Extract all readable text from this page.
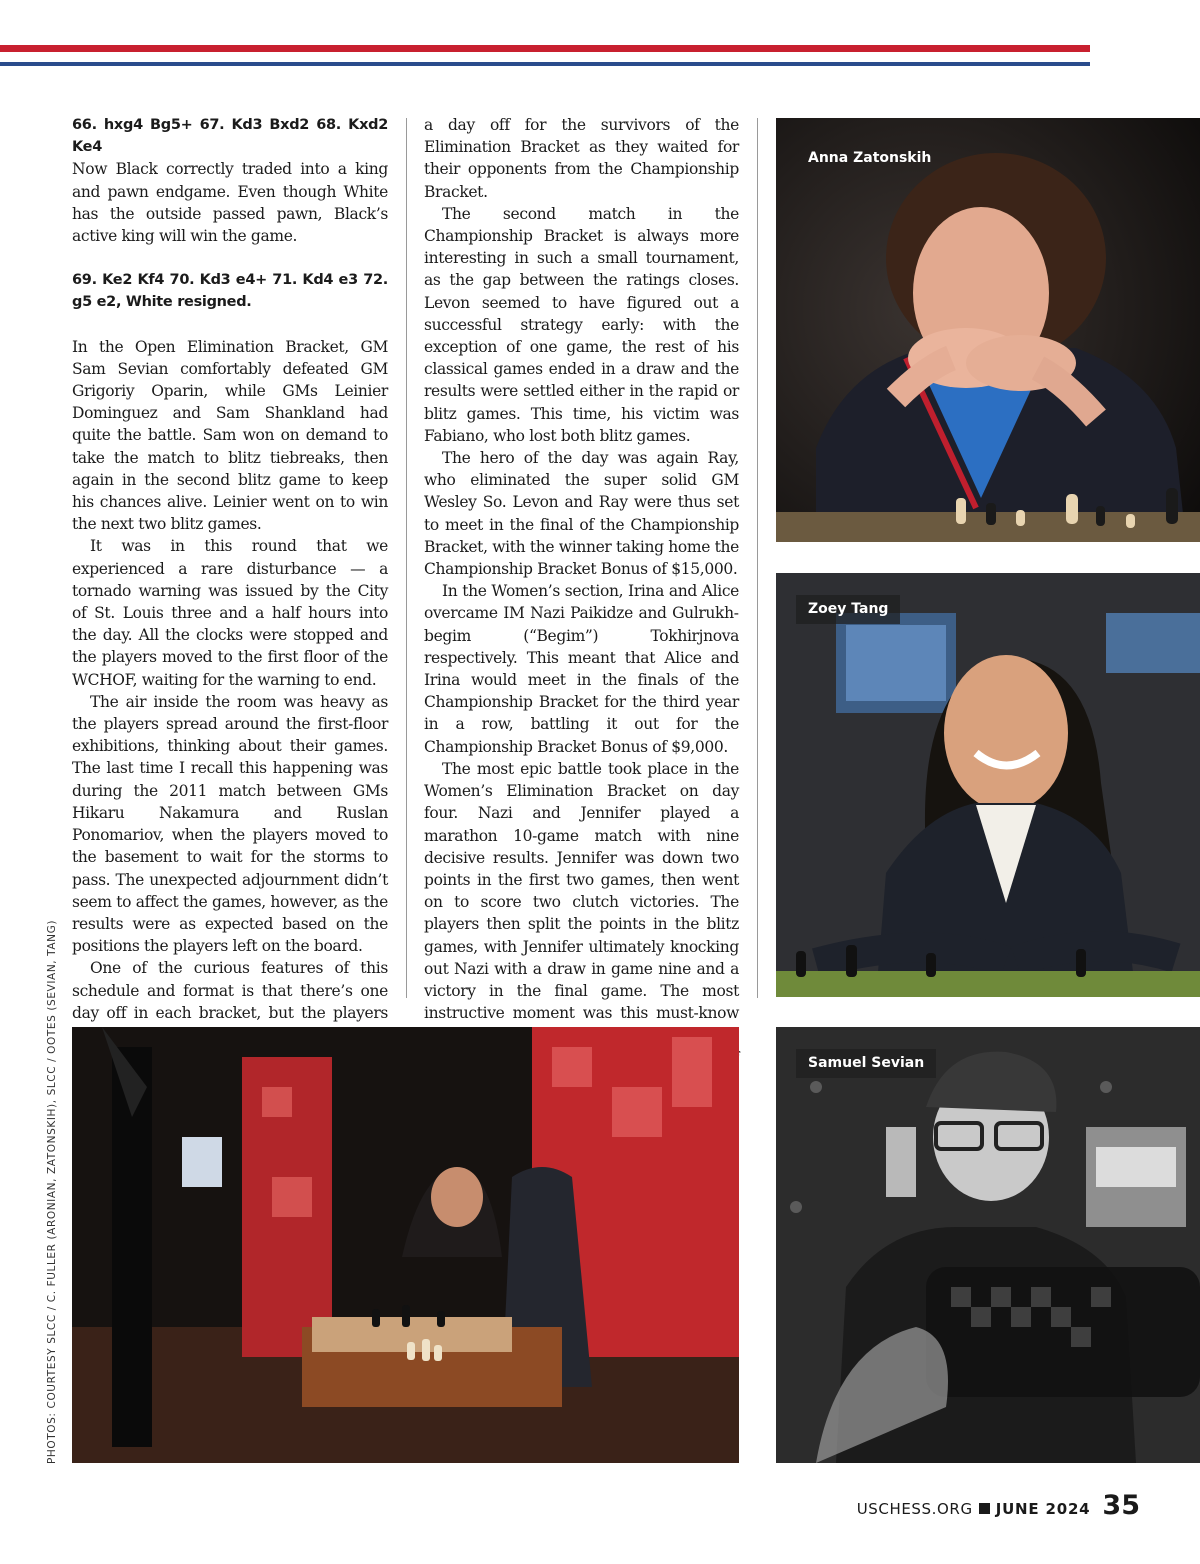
66. hxg4 Bg5+ 67. Kd3 Bxd2 68. Kxd2 Ke4

Now Black correctly traded into a king and pawn endgame. Even though White has the outside passed pawn, Black’s active king will win the game.

69. Ke2 Kf4 70. Kd3 e4+ 71. Kd4 e3 72. g5 e2, White resigned.

In the Open Elimination Bracket, GM Sam Sevian comfortably defeated GM Grigoriy Oparin, while GMs Leinier Dominguez and Sam Shankland had quite the battle. Sam won on demand to take the match to blitz tiebreaks, then again in the second blitz game to keep his chances alive. Leinier went on to win the next two blitz games.

It was in this round that we experienced a rare disturbance — a tornado warning was issued by the City of St. Louis three and a half hours into the day. All the clocks were stopped and the players moved to the first floor of the WCHOF, waiting for the warning to end.

The air inside the room was heavy as the players spread around the first-floor exhibitions, thinking about their games. The last time I recall this happening was during the 2011 match between GMs Hikaru Nakamura and Ruslan Ponomariov, when the players moved to the basement to wait for the storms to pass. The unexpected adjournment didn’t seem to affect the games, however, as the results were as expected based on the positions the players left on the board.

One of the curious features of this schedule and format is that there’s one day off in each bracket, but the players

a day off for the survivors of the Elimination Bracket as they waited for their opponents from the Championship Bracket.

The second match in the Championship Bracket is always more interesting in such a small tournament, as the gap between the ratings closes. Levon seemed to have figured out a successful strategy early: with the exception of one game, the rest of his classical games ended in a draw and the results were settled either in the rapid or blitz games. This time, his victim was Fabiano, who lost both blitz games.

The hero of the day was again Ray, who eliminated the super solid GM Wesley So. Levon and Ray were thus set to meet in the final of the Championship Bracket, with the winner taking home the Championship Bracket Bonus of $15,000.

In the Women’s section, Irina and Alice overcame IM Nazi Paikidze and Gulrukhbegim (“Begim”) Tokhirjnova respectively. This meant that Alice and Irina would meet in the finals of the Championship Bracket for the third year in a row, battling it out for the Championship Bracket Bonus of $9,000.

The most epic battle took place in the Women’s Elimination Bracket on day four. Nazi and Jennifer played a marathon 10-game match with nine decisive results. Jennifer was down two points in the first two games, then went on to score two clutch victories. The players then split the points in the blitz games, with Jennifer ultimately knocking out Nazi with a draw in game nine and a victory in the final game. The most instructive moment was this must-know

Anna Zatonskih
Zoey Tang
Samuel Sevian
PHOTOS: COURTESY SLCC / C. FULLER (ARONIAN, ZATONSKIH), SLCC / OOTES (SEVIAN, TANG)
USCHESS.ORG JUNE 2024 35
